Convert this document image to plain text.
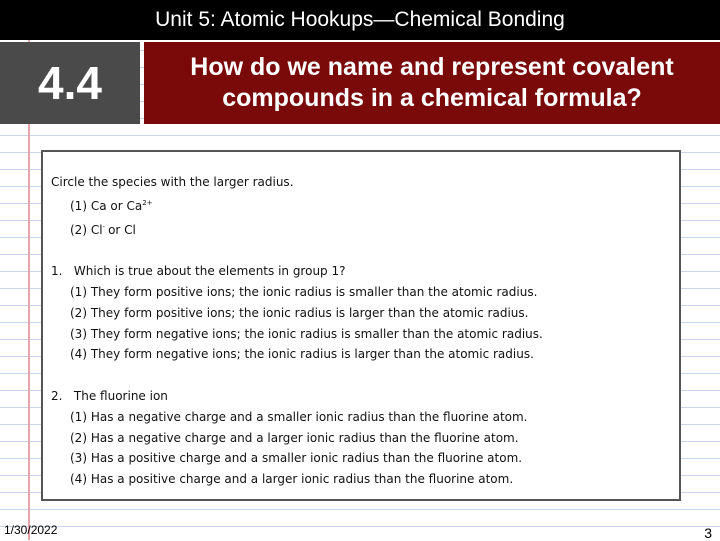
Unit 5: Atomic Hookups—Chemical Bonding
4.4	How do we name and represent covalent compounds in a chemical formula?
Circle the species with the larger radius.
(1) Ca or $Ca^{2+}$
(2) Cl- or Cl
1. Which is true about the elements in group 1?
(1) They form positive ions; the ionic radius is smaller than the atomic radius.
(2) They form positive ions; the ionic radius is larger than the atomic radius.
(3) They form negative ions; the ionic radius is smaller than the atomic radius.
(4) They form negative ions; the ionic radius is larger than the atomic radius.
2. The fluorine ion
(1) Has a negative charge and a smaller ionic radius than the fluorine atom.
(2) Has a negative charge and a larger ionic radius than the fluorine atom.
(3) Has a positive charge and a smaller ionic radius than the fluorine atom.
(4) Has a positive charge and a larger ionic radius than the fluorine atom.
1/30/2022	3
